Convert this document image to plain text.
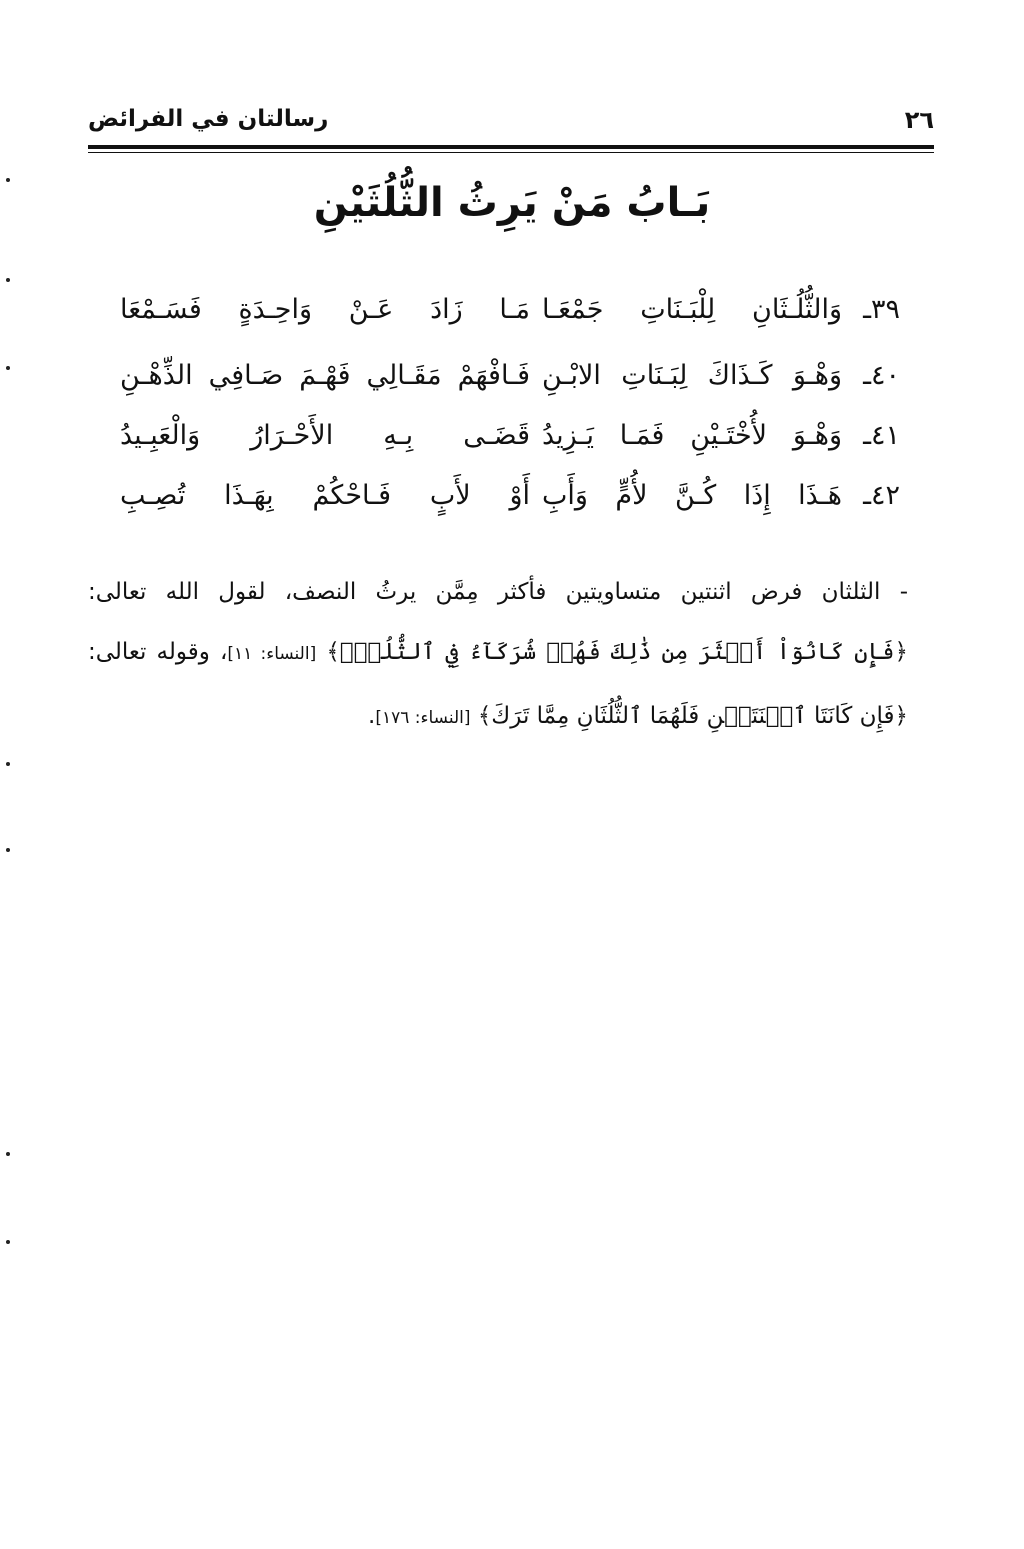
٢٦
رسالتان في الفرائض
بَـابُ مَنْ يَرِثُ الثُّلُثَيْنِ
٣٩ـ
وَالثُّلُـثَانِ لِلْبَـنَاتِ جَمْعَـا
مَـا زَادَ عَـنْ وَاحِـدَةٍ فَسَـمْعَا
٤٠ـ
وَهْـوَ كَـذَاكَ لِبَـنَاتِ الابْـنِ
فَـافْهَمْ مَقَـالِي فَهْـمَ صَـافِي الذِّهْـنِ
٤١ـ
وَهْـوَ لأُخْتَـيْنِ فَمَـا يَـزِيدُ
قَضَـى بِـهِ الأَحْـرَارُ وَالْعَبِـيدُ
٤٢ـ
هَـذَا إِذَا كُـنَّ لأُمٍّ وَأَبِ
أَوْ لأَبٍ فَـاحْكُمْ بِهَـذَا تُصِـبِ
- الثلثان فرض اثنتين متساويتين فأكثر مِمَّن يرثُ النصف، لقول الله تعالى:
﴿فَإِن كَانُوٓاْ أَكۡثَرَ مِن ذَٰلِكَ فَهُمۡ شُرَكَآءُ فِي ٱلثُّلُثِۚ﴾ [النساء: ١١]، وقوله تعالى:
﴿فَإِن كَانَتَا ٱثۡنَتَيۡنِ فَلَهُمَا ٱلثُّلُثَانِ مِمَّا تَرَكَ﴾ [النساء: ١٧٦].
